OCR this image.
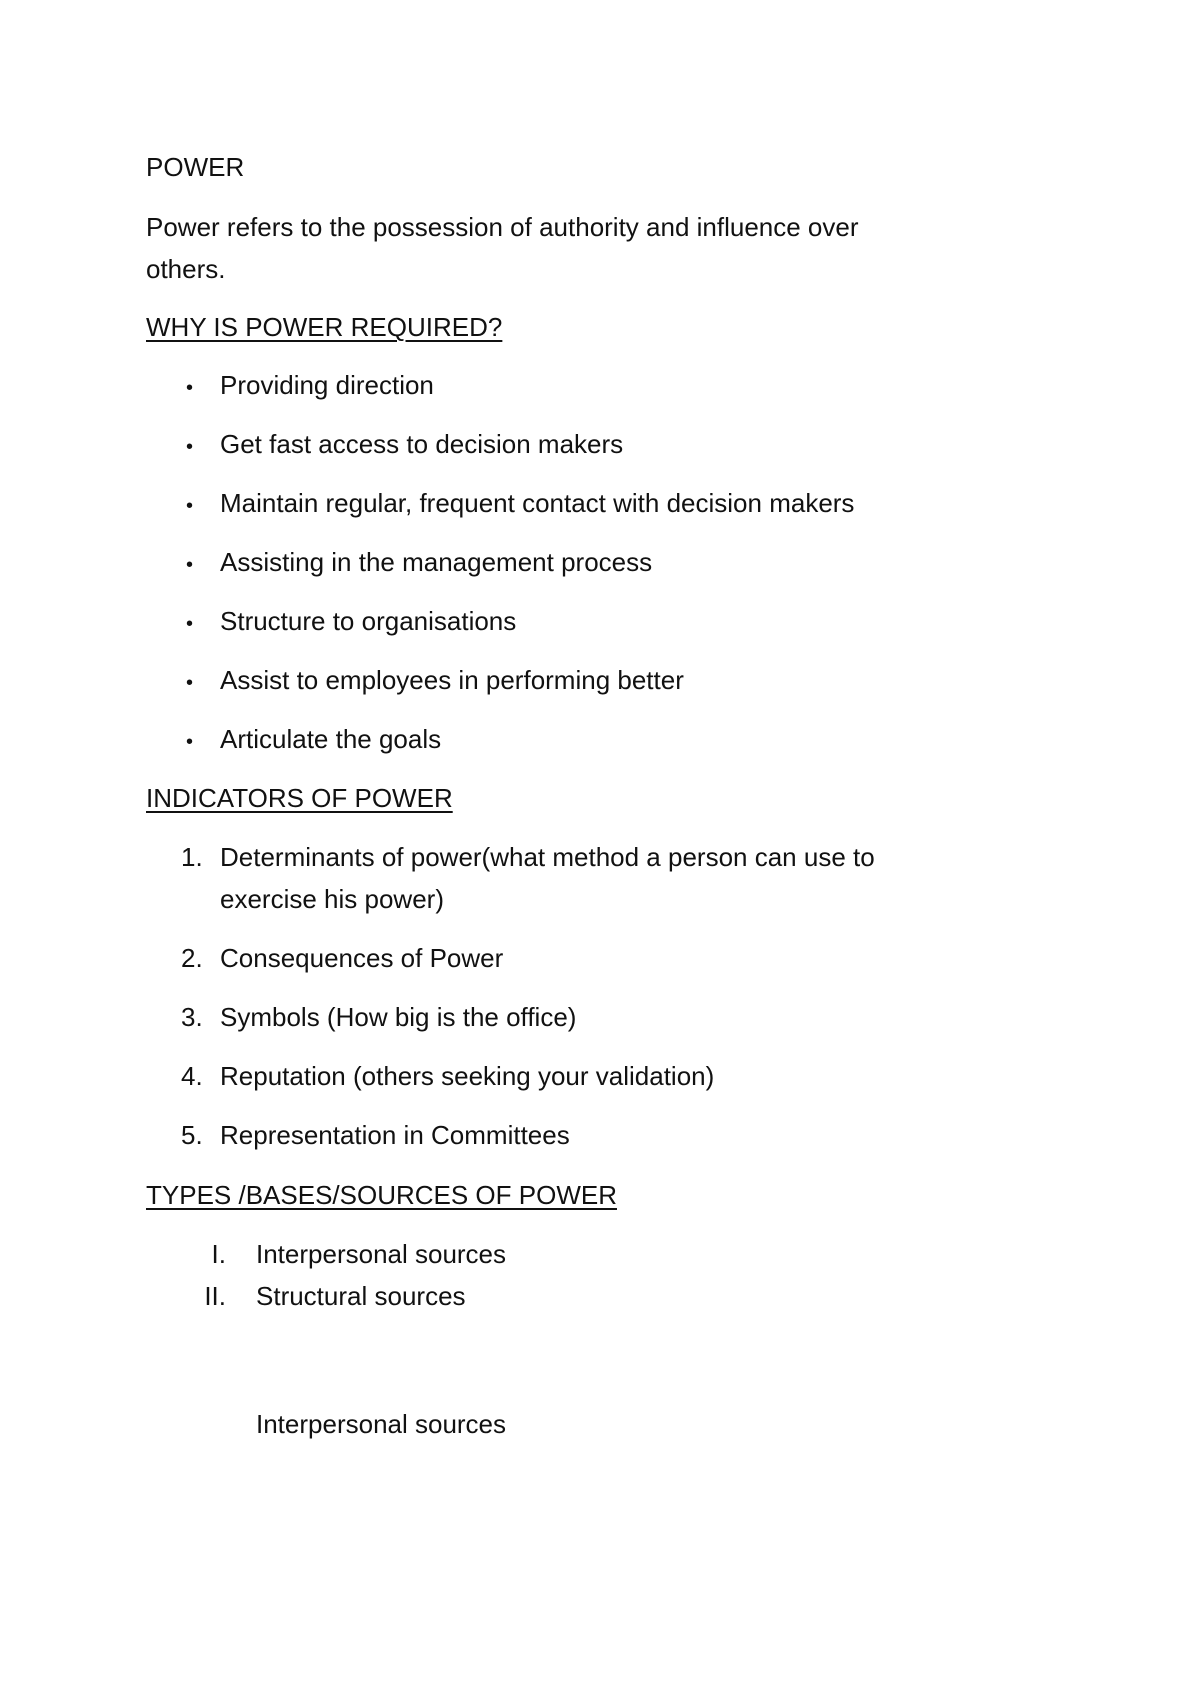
POWER
Power refers to the possession of authority and influence over
others.
WHY IS POWER REQUIRED?
• Providing direction
• Get fast access to decision makers
• Maintain regular, frequent contact with decision makers
• Assisting in the management process
• Structure to organisations
• Assist to employees in performing better
• Articulate the goals
INDICATORS OF POWER
1. Determinants of power(what method a person can use to
exercise his power)
2. Consequences of Power
3. Symbols (How big is the office)
4. Reputation (others seeking your validation)
5. Representation in Committees
TYPES /BASES/SOURCES OF POWER
I. Interpersonal sources
II. Structural sources
Interpersonal sources
